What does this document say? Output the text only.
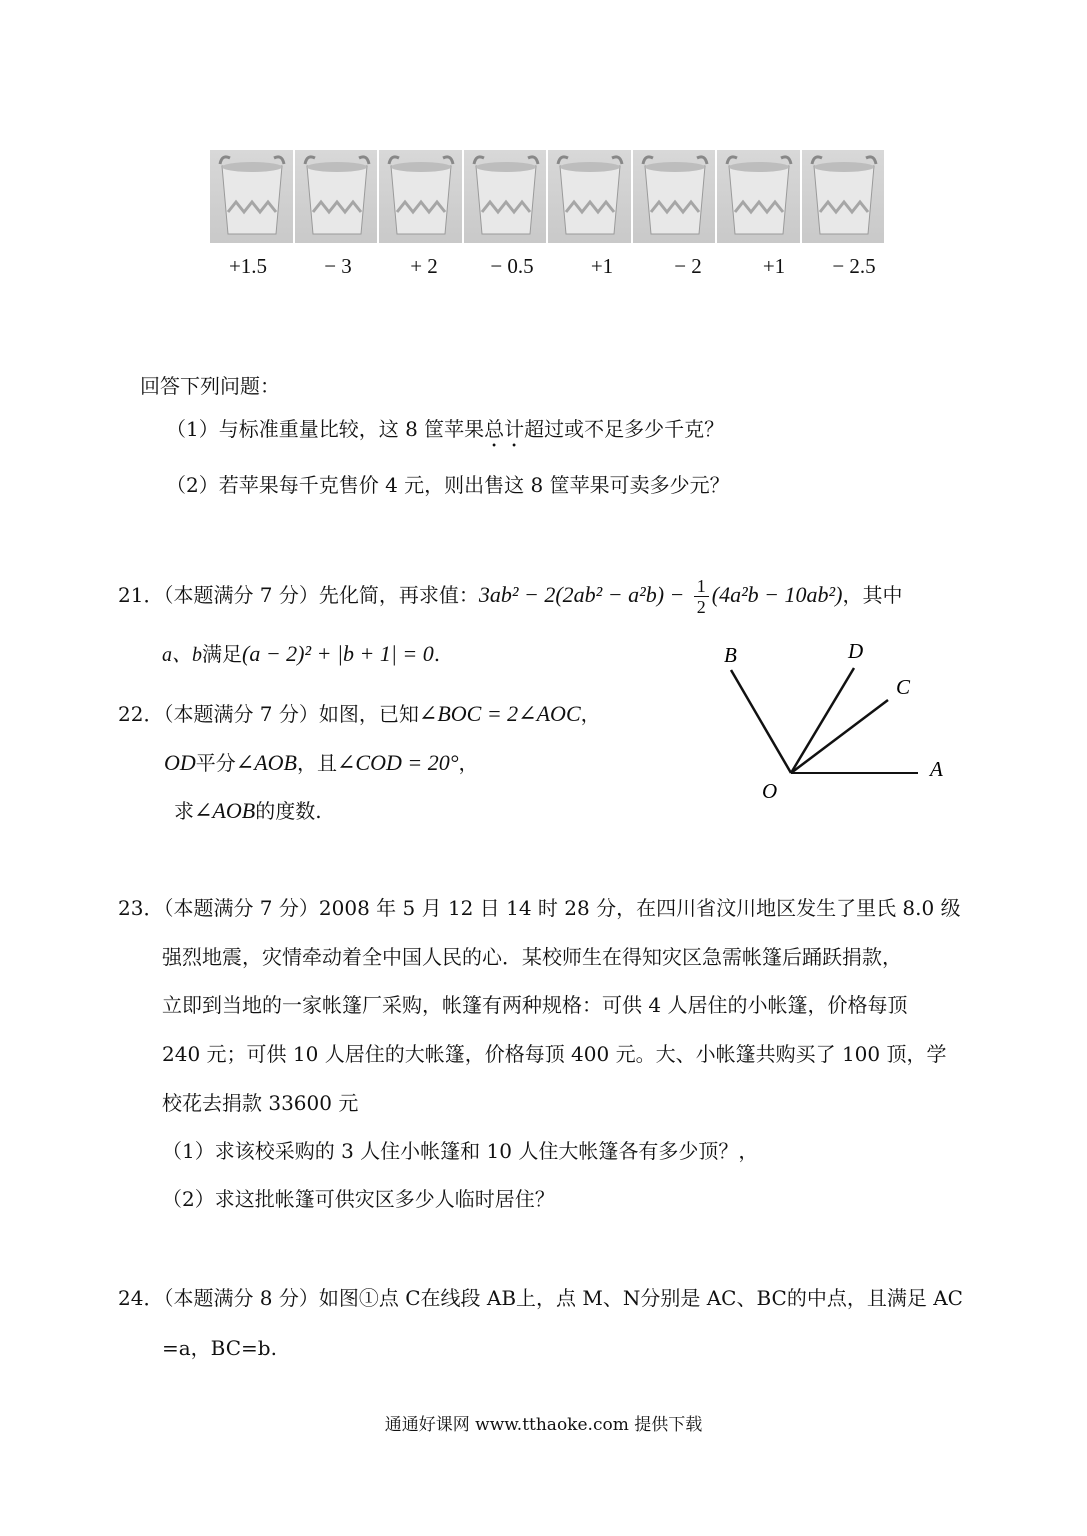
+1.5	− 3	+ 2	− 0.5	+1	− 2	+1	− 2.5
回答下列问题：
（1）与标准重量比较，这 8 筐苹果总计超过或不足多少千克？
（2）若苹果每千克售价 4 元，则出售这 8 筐苹果可卖多少元？
21．（本题满分 7 分）先化简，再求值：$3ab^2 - 2(2ab^2 - a^2b) - \frac{1}{2} (4a^2b - 10ab^2)$，其中
a、b满足(a − 2)² + |b + 1| = 0.
22．（本题满分 7 分）如图，已知∠BOC = 2∠AOC，
OD平分∠AOB，且∠COD = 20°，
求∠AOB的度数.
B	D
C
A
O
23．（本题满分 7 分）2008 年 5 月 12 日 14 时 28 分，在四川省汶川地区发生了里氏 8.0 级
强烈地震，灾情牵动着全中国人民的心．某校师生在得知灾区急需帐篷后踊跃捐款，
立即到当地的一家帐篷厂采购，帐篷有两种规格：可供 4 人居住的小帐篷，价格每顶
240 元；可供 10 人居住的大帐篷，价格每顶 400 元。大、小帐篷共购买了 100 顶，学
校花去捐款 33600 元
（1）求该校采购的 3 人住小帐篷和 10 人住大帐篷各有多少顶？，
（2）求这批帐篷可供灾区多少人临时居住？
24．（本题满分 8 分）如图①点 C在线段 AB上，点 M、N分别是 AC、BC的中点，且满足 AC
=a，BC=b.
通通好课网 www.tthaoke.com 提供下载
